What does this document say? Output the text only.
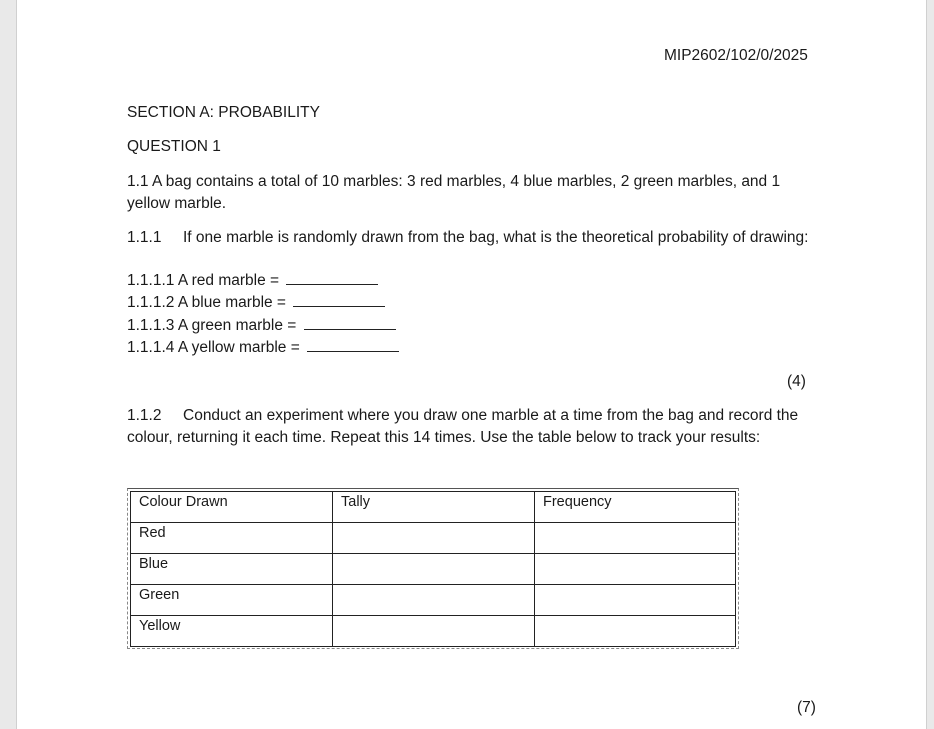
MIP2602/102/0/2025
SECTION A: PROBABILITY
QUESTION 1
1.1 A bag contains a total of 10 marbles: 3 red marbles, 4 blue marbles, 2 green marbles, and 1 yellow marble.
1.1.1 If one marble is randomly drawn from the bag, what is the theoretical probability of drawing:
1.1.1.1 A red marble =
1.1.1.2 A blue marble =
1.1.1.3 A green marble =
1.1.1.4 A yellow marble =
(4)
1.1.2 Conduct an experiment where you draw one marble at a time from the bag and record the colour, returning it each time. Repeat this 14 times. Use the table below to track your results:
Colour Drawn	Tally	Frequency
Red		
Blue		
Green		
Yellow		
(7)
